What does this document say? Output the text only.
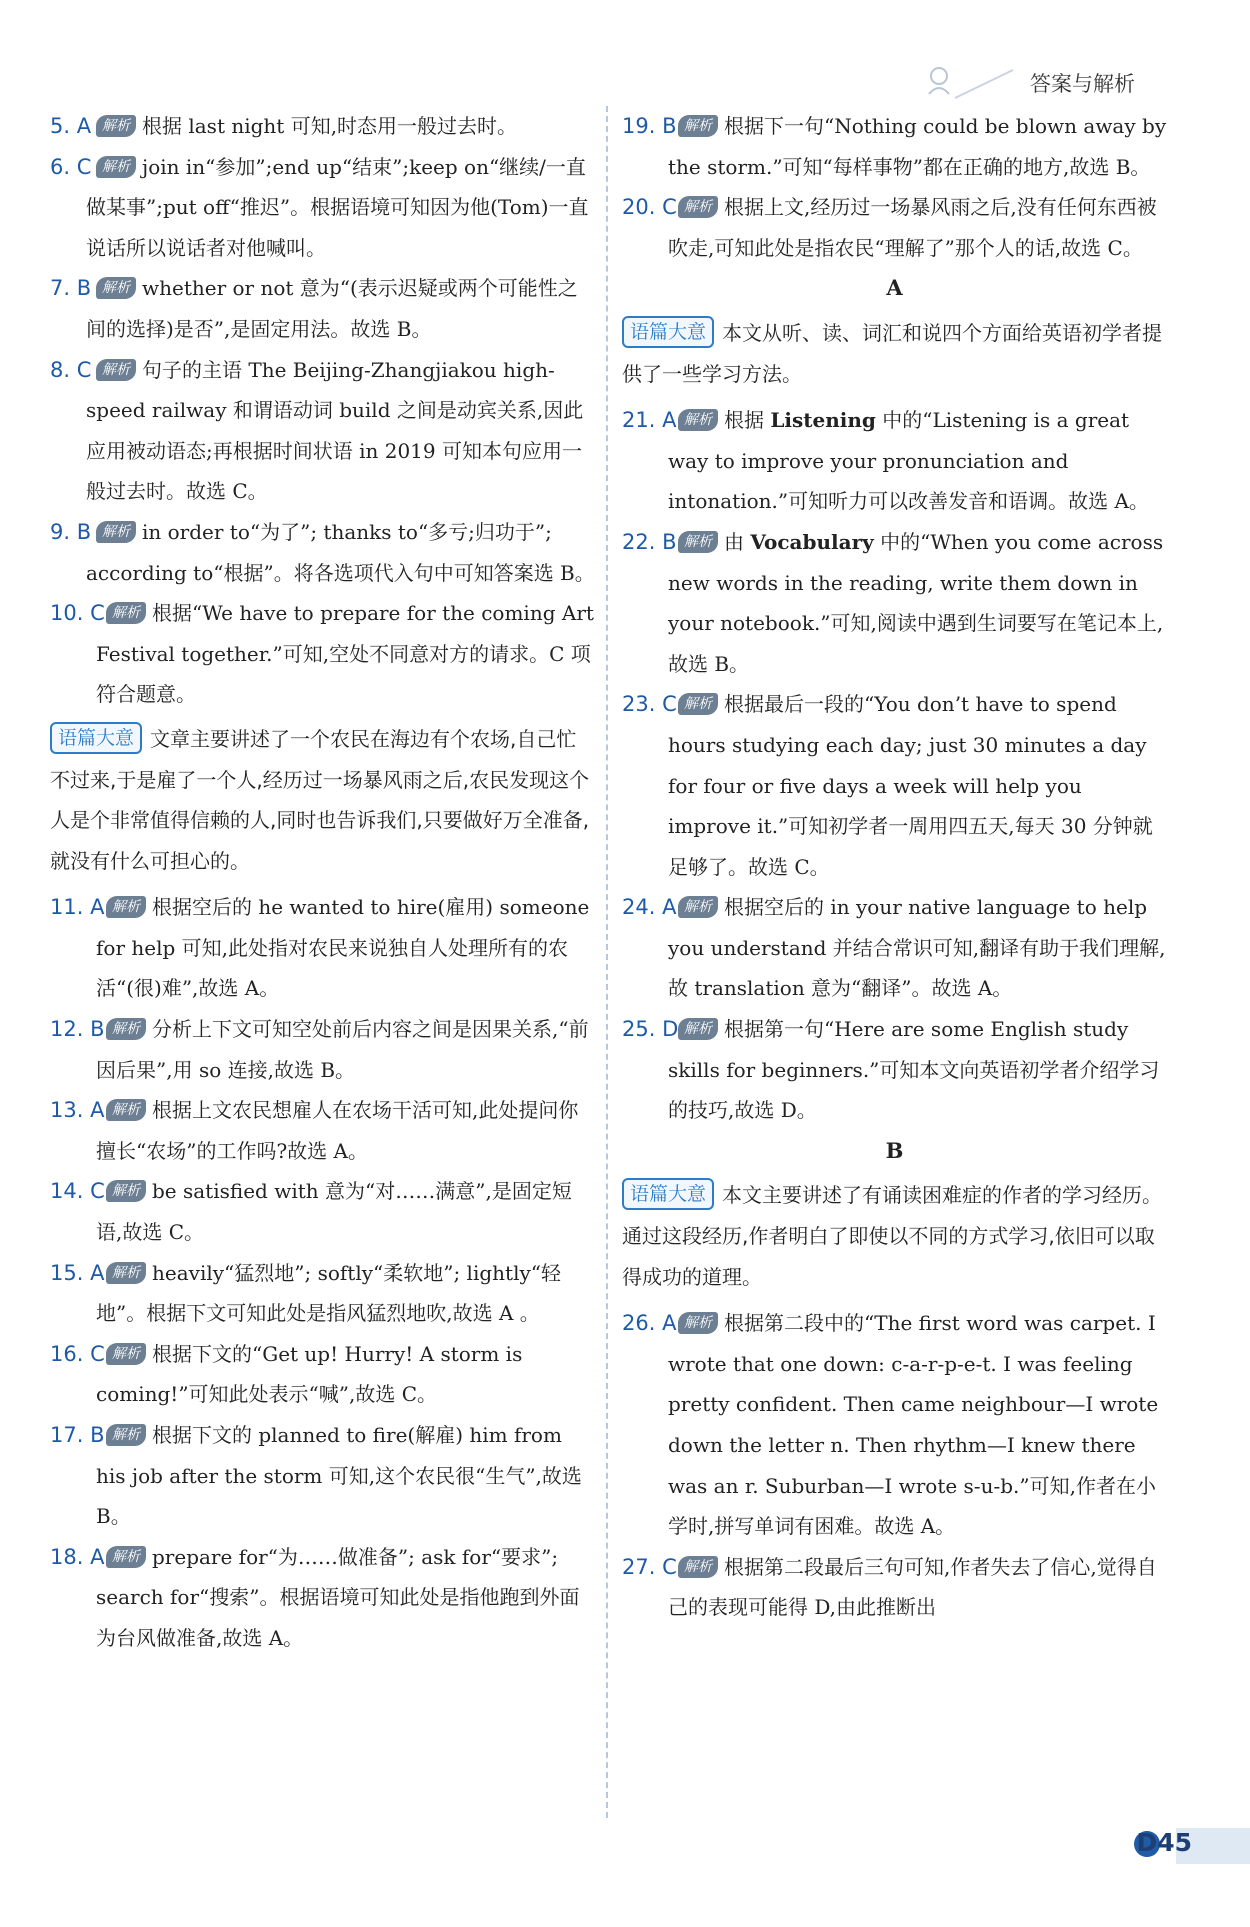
答案与解析

5. A 解析 根据 last night 可知,时态用一般过去时。

6. C 解析 join in“参加”;end up“结束”;keep on“继续/一直做某事”;put off“推迟”。根据语境可知因为他(Tom)一直说话所以说话者对他喊叫。

7. B 解析 whether or not 意为“(表示迟疑或两个可能性之间的选择)是否”,是固定用法。故选 B。

8. C 解析 句子的主语 The Beijing-Zhangjiakou high-speed railway 和谓语动词 build 之间是动宾关系,因此应用被动语态;再根据时间状语 in 2019 可知本句应用一般过去时。故选 C。

9. B 解析 in order to“为了”; thanks to“多亏;归功于”; according to“根据”。将各选项代入句中可知答案选 B。

10. C 解析 根据“We have to prepare for the coming Art Festival together.”可知,空处不同意对方的请求。C 项符合题意。

语篇大意 文章主要讲述了一个农民在海边有个农场,自己忙不过来,于是雇了一个人,经历过一场暴风雨之后,农民发现这个人是个非常值得信赖的人,同时也告诉我们,只要做好万全准备,就没有什么可担心的。

11. A 解析 根据空后的 he wanted to hire(雇用) someone for help 可知,此处指对农民来说独自人处理所有的农活“(很)难”,故选 A。

12. B 解析 分析上下文可知空处前后内容之间是因果关系,“前因后果”,用 so 连接,故选 B。

13. A 解析 根据上文农民想雇人在农场干活可知,此处提问你擅长“农场”的工作吗?故选 A。

14. C 解析 be satisfied with 意为“对……满意”,是固定短语,故选 C。

15. A 解析 heavily“猛烈地”; softly“柔软地”; lightly“轻地”。根据下文可知此处是指风猛烈地吹,故选 A 。

16. C 解析 根据下文的“Get up! Hurry! A storm is coming!”可知此处表示“喊”,故选 C。

17. B 解析 根据下文的 planned to fire(解雇) him from his job after the storm 可知,这个农民很“生气”,故选 B。

18. A 解析 prepare for“为……做准备”; ask for“要求”; search for“搜索”。根据语境可知此处是指他跑到外面为台风做准备,故选 A。

19. B 解析 根据下一句“Nothing could be blown away by the storm.”可知“每样事物”都在正确的地方,故选 B。

20. C 解析 根据上文,经历过一场暴风雨之后,没有任何东西被吹走,可知此处是指农民“理解了”那个人的话,故选 C。

A
语篇大意 本文从听、读、词汇和说四个方面给英语初学者提供了一些学习方法。

21. A 解析 根据 Listening 中的“Listening is a great way to improve your pronunciation and intonation.”可知听力可以改善发音和语调。故选 A。

22. B 解析 由 Vocabulary 中的“When you come across new words in the reading, write them down in your notebook.”可知,阅读中遇到生词要写在笔记本上,故选 B。

23. C 解析 根据最后一段的“You don’t have to spend hours studying each day; just 30 minutes a day for four or five days a week will help you improve it.”可知初学者一周用四五天,每天 30 分钟就足够了。故选 C。

24. A 解析 根据空后的 in your native language to help you understand 并结合常识可知,翻译有助于我们理解,故 translation 意为“翻译”。故选 A。

25. D 解析 根据第一句“Here are some English study skills for beginners.”可知本文向英语初学者介绍学习的技巧,故选 D。

B
语篇大意 本文主要讲述了有诵读困难症的作者的学习经历。通过这段经历,作者明白了即使以不同的方式学习,依旧可以取得成功的道理。

26. A 解析 根据第二段中的“The first word was carpet. I wrote that one down: c-a-r-p-e-t. I was feeling pretty confident. Then came neighbour—I wrote down the letter n. Then rhythm—I knew there was an r. Suburban—I wrote s-u-b.”可知,作者在小学时,拼写单词有困难。故选 A。

27. C 解析 根据第二段最后三句可知,作者失去了信心,觉得自己的表现可能得 D,由此推断出

D45
